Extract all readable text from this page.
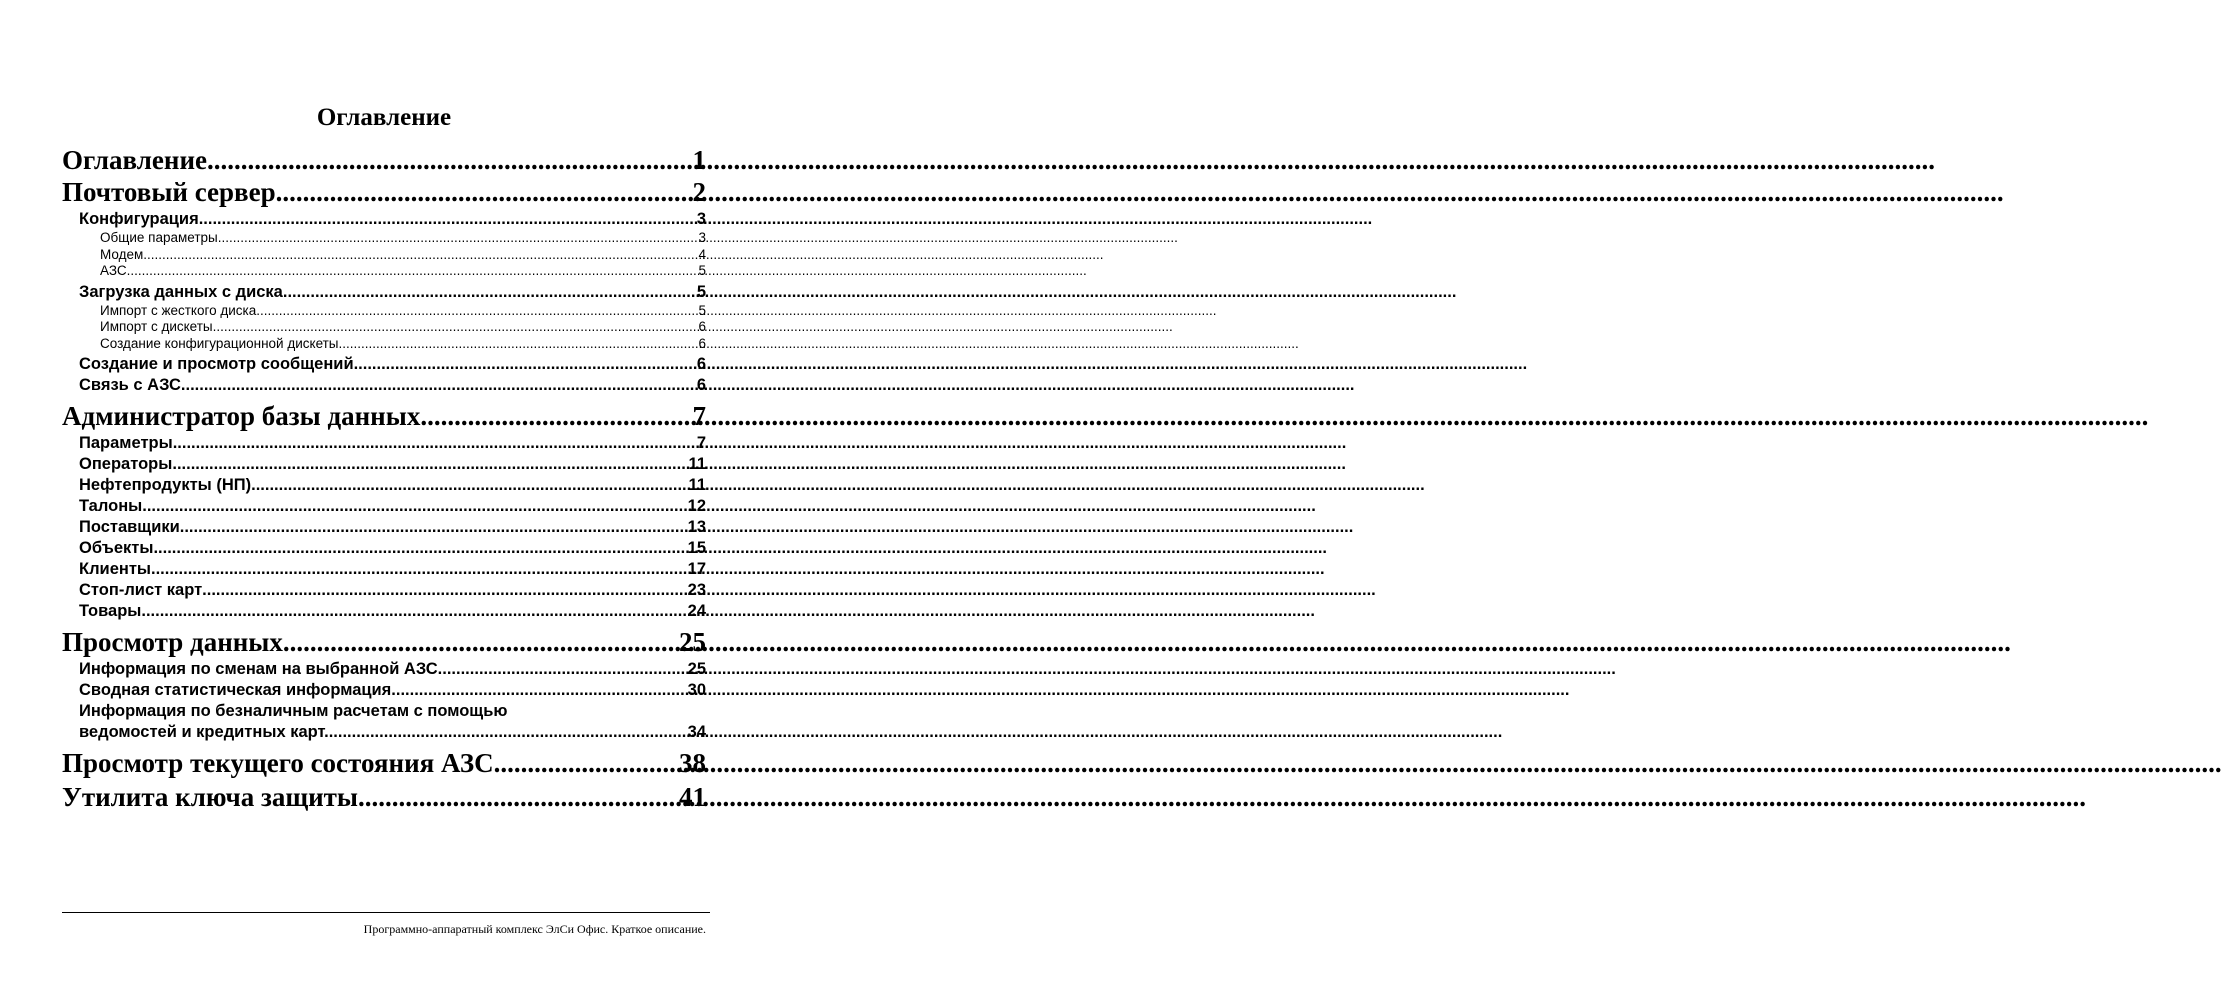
Оглавление
Оглавление .....	1
Почтовый сервер .....	2
Конфигурация .....	3
Общие параметры .....	3
Модем .....	4
АЗС .....	5
Загрузка данных с диска .....	5
Импорт с жесткого диска .....	5
Импорт с дискеты .....	6
Создание конфигурационной дискеты .....	6
Создание и просмотр сообщений .....	6
Связь с АЗС .....	6
Администратор базы данных .....	7
Параметры .....	7
Операторы .....	11
Нефтепродукты (НП) .....	11
Талоны .....	12
Поставщики .....	13
Объекты .....	15
Клиенты .....	17
Стоп-лист карт .....	23
Товары .....	24
Просмотр данных .....	25
Информация по сменам на выбранной АЗС. .....	25
Сводная статистическая информация. .....	30
Информация по безналичным расчетам с помощью
ведомостей и кредитных карт. .....	34
Просмотр текущего состояния АЗС .....	38
Утилита ключа защиты .....	41
Программно-аппаратный комплекс ЭлСи Офис. Краткое описание.
